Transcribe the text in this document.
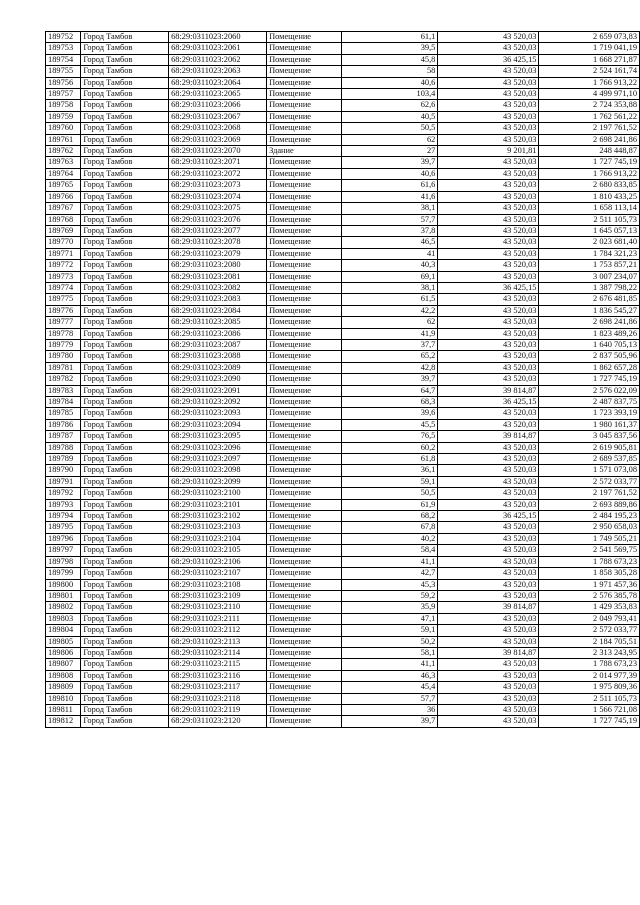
189752	Город Тамбов	68:29:0311023:2060	Помещение	61,1	43 520,03	2 659 073,83
189753	Город Тамбов	68:29:0311023:2061	Помещение	39,5	43 520,03	1 719 041,19
189754	Город Тамбов	68:29:0311023:2062	Помещение	45,8	36 425,15	1 668 271,87
189755	Город Тамбов	68:29:0311023:2063	Помещение	58	43 520,03	2 524 161,74
189756	Город Тамбов	68:29:0311023:2064	Помещение	40,6	43 520,03	1 766 913,22
189757	Город Тамбов	68:29:0311023:2065	Помещение	103,4	43 520,03	4 499 971,10
189758	Город Тамбов	68:29:0311023:2066	Помещение	62,6	43 520,03	2 724 353,88
189759	Город Тамбов	68:29:0311023:2067	Помещение	40,5	43 520,03	1 762 561,22
189760	Город Тамбов	68:29:0311023:2068	Помещение	50,5	43 520,03	2 197 761,52
189761	Город Тамбов	68:29:0311023:2069	Помещение	62	43 520,03	2 698 241,86
189762	Город Тамбов	68:29:0311023:2070	Здание	27	9 201,81	248 448,87
189763	Город Тамбов	68:29:0311023:2071	Помещение	39,7	43 520,03	1 727 745,19
189764	Город Тамбов	68:29:0311023:2072	Помещение	40,6	43 520,03	1 766 913,22
189765	Город Тамбов	68:29:0311023:2073	Помещение	61,6	43 520,03	2 680 833,85
189766	Город Тамбов	68:29:0311023:2074	Помещение	41,6	43 520,03	1 810 433,25
189767	Город Тамбов	68:29:0311023:2075	Помещение	38,1	43 520,03	1 658 113,14
189768	Город Тамбов	68:29:0311023:2076	Помещение	57,7	43 520,03	2 511 105,73
189769	Город Тамбов	68:29:0311023:2077	Помещение	37,8	43 520,03	1 645 057,13
189770	Город Тамбов	68:29:0311023:2078	Помещение	46,5	43 520,03	2 023 681,40
189771	Город Тамбов	68:29:0311023:2079	Помещение	41	43 520,03	1 784 321,23
189772	Город Тамбов	68:29:0311023:2080	Помещение	40,3	43 520,03	1 753 857,21
189773	Город Тамбов	68:29:0311023:2081	Помещение	69,1	43 520,03	3 007 234,07
189774	Город Тамбов	68:29:0311023:2082	Помещение	38,1	36 425,15	1 387 798,22
189775	Город Тамбов	68:29:0311023:2083	Помещение	61,5	43 520,03	2 676 481,85
189776	Город Тамбов	68:29:0311023:2084	Помещение	42,2	43 520,03	1 836 545,27
189777	Город Тамбов	68:29:0311023:2085	Помещение	62	43 520,03	2 698 241,86
189778	Город Тамбов	68:29:0311023:2086	Помещение	41,9	43 520,03	1 823 489,26
189779	Город Тамбов	68:29:0311023:2087	Помещение	37,7	43 520,03	1 640 705,13
189780	Город Тамбов	68:29:0311023:2088	Помещение	65,2	43 520,03	2 837 505,96
189781	Город Тамбов	68:29:0311023:2089	Помещение	42,8	43 520,03	1 862 657,28
189782	Город Тамбов	68:29:0311023:2090	Помещение	39,7	43 520,03	1 727 745,19
189783	Город Тамбов	68:29:0311023:2091	Помещение	64,7	39 814,87	2 576 022,09
189784	Город Тамбов	68:29:0311023:2092	Помещение	68,3	36 425,15	2 487 837,75
189785	Город Тамбов	68:29:0311023:2093	Помещение	39,6	43 520,03	1 723 393,19
189786	Город Тамбов	68:29:0311023:2094	Помещение	45,5	43 520,03	1 980 161,37
189787	Город Тамбов	68:29:0311023:2095	Помещение	76,5	39 814,87	3 045 837,56
189788	Город Тамбов	68:29:0311023:2096	Помещение	60,2	43 520,03	2 619 905,81
189789	Город Тамбов	68:29:0311023:2097	Помещение	61,8	43 520,03	2 689 537,85
189790	Город Тамбов	68:29:0311023:2098	Помещение	36,1	43 520,03	1 571 073,08
189791	Город Тамбов	68:29:0311023:2099	Помещение	59,1	43 520,03	2 572 033,77
189792	Город Тамбов	68:29:0311023:2100	Помещение	50,5	43 520,03	2 197 761,52
189793	Город Тамбов	68:29:0311023:2101	Помещение	61,9	43 520,03	2 693 889,86
189794	Город Тамбов	68:29:0311023:2102	Помещение	68,2	36 425,15	2 484 195,23
189795	Город Тамбов	68:29:0311023:2103	Помещение	67,8	43 520,03	2 950 658,03
189796	Город Тамбов	68:29:0311023:2104	Помещение	40,2	43 520,03	1 749 505,21
189797	Город Тамбов	68:29:0311023:2105	Помещение	58,4	43 520,03	2 541 569,75
189798	Город Тамбов	68:29:0311023:2106	Помещение	41,1	43 520,03	1 788 673,23
189799	Город Тамбов	68:29:0311023:2107	Помещение	42,7	43 520,03	1 858 305,28
189800	Город Тамбов	68:29:0311023:2108	Помещение	45,3	43 520,03	1 971 457,36
189801	Город Тамбов	68:29:0311023:2109	Помещение	59,2	43 520,03	2 576 385,78
189802	Город Тамбов	68:29:0311023:2110	Помещение	35,9	39 814,87	1 429 353,83
189803	Город Тамбов	68:29:0311023:2111	Помещение	47,1	43 520,03	2 049 793,41
189804	Город Тамбов	68:29:0311023:2112	Помещение	59,1	43 520,03	2 572 033,77
189805	Город Тамбов	68:29:0311023:2113	Помещение	50,2	43 520,03	2 184 705,51
189806	Город Тамбов	68:29:0311023:2114	Помещение	58,1	39 814,87	2 313 243,95
189807	Город Тамбов	68:29:0311023:2115	Помещение	41,1	43 520,03	1 788 673,23
189808	Город Тамбов	68:29:0311023:2116	Помещение	46,3	43 520,03	2 014 977,39
189809	Город Тамбов	68:29:0311023:2117	Помещение	45,4	43 520,03	1 975 809,36
189810	Город Тамбов	68:29:0311023:2118	Помещение	57,7	43 520,03	2 511 105,73
189811	Город Тамбов	68:29:0311023:2119	Помещение	36	43 520,03	1 566 721,08
189812	Город Тамбов	68:29:0311023:2120	Помещение	39,7	43 520,03	1 727 745,19
